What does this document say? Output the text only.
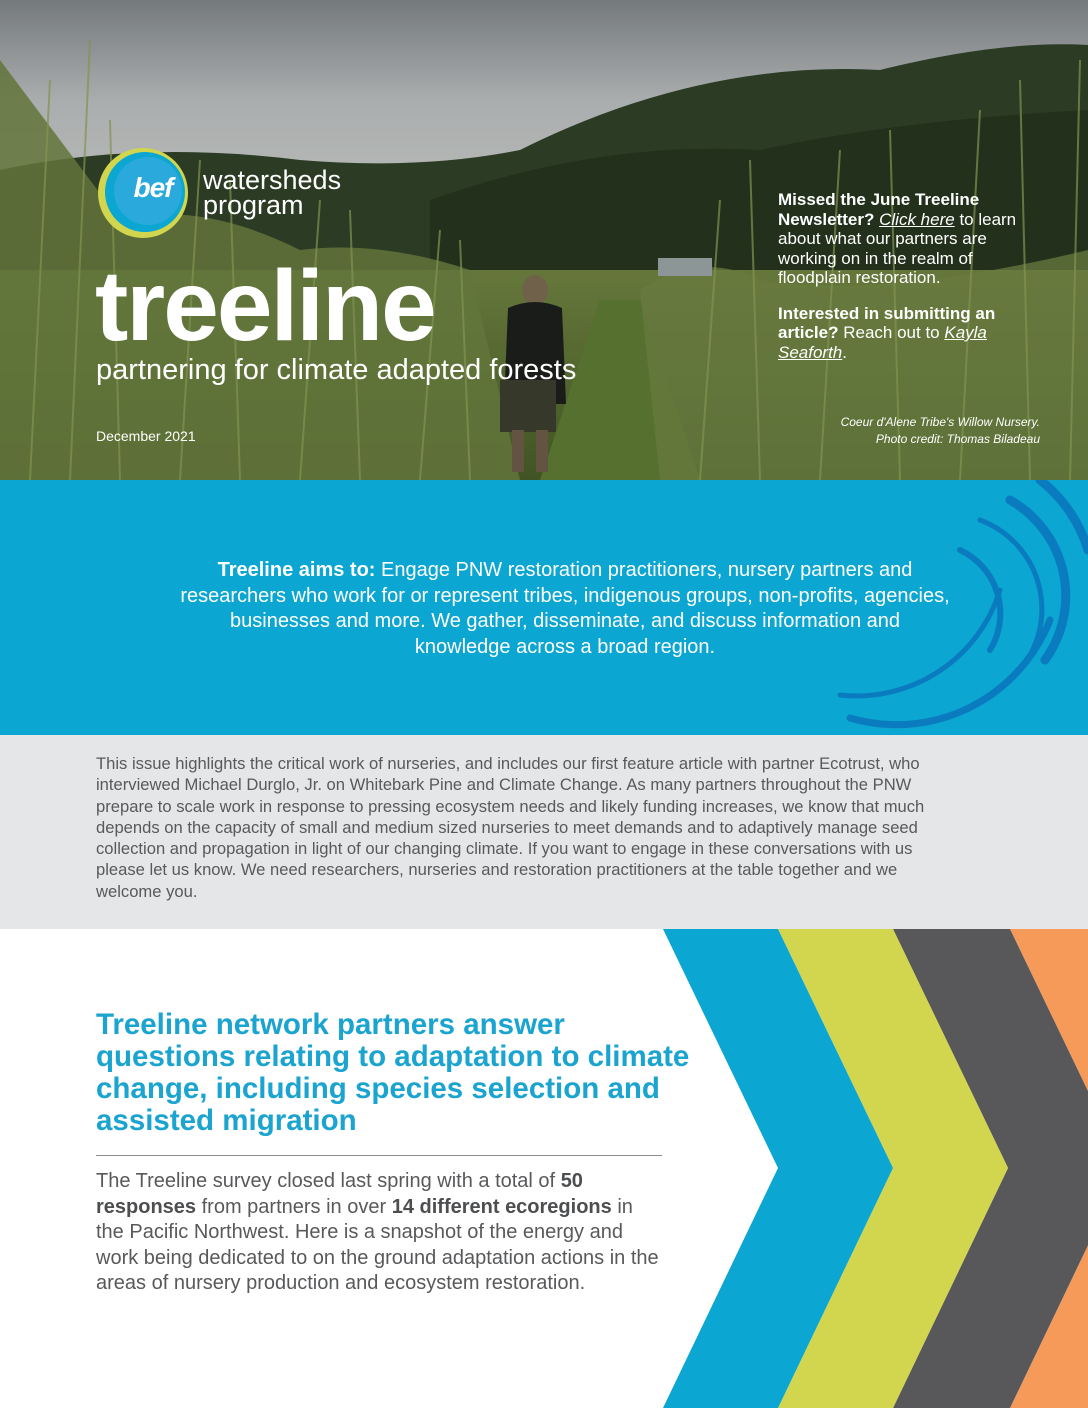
bef	watersheds
program
treeline
partnering for climate adapted forests
December 2021

Missed the June Treeline Newsletter? Click here to learn about what our partners are working on in the realm of floodplain restoration.

Interested in submitting an article? Reach out to Kayla Seaforth.

Coeur d'Alene Tribe's Willow Nursery.
Photo credit: Thomas Biladeau
Treeline aims to: Engage PNW restoration practitioners, nursery partners and researchers who work for or represent tribes, indigenous groups, non-profits, agencies, businesses and more. We gather, disseminate, and discuss information and knowledge across a broad region.
This issue highlights the critical work of nurseries, and includes our first feature article with partner Ecotrust, who interviewed Michael Durglo, Jr. on Whitebark Pine and Climate Change. As many partners throughout the PNW prepare to scale work in response to pressing ecosystem needs and likely funding increases, we know that much depends on the capacity of small and medium sized nurseries to meet demands and to adaptively manage seed collection and propagation in light of our changing climate. If you want to engage in these conversations with us please let us know. We need researchers, nurseries and restoration practitioners at the table together and we welcome you.
Treeline network partners answer questions relating to adaptation to climate change, including species selection and assisted migration
The Treeline survey closed last spring with a total of 50 responses from partners in over 14 different ecoregions in the Pacific Northwest. Here is a snapshot of the energy and work being dedicated to on the ground adaptation actions in the areas of nursery production and ecosystem restoration.
